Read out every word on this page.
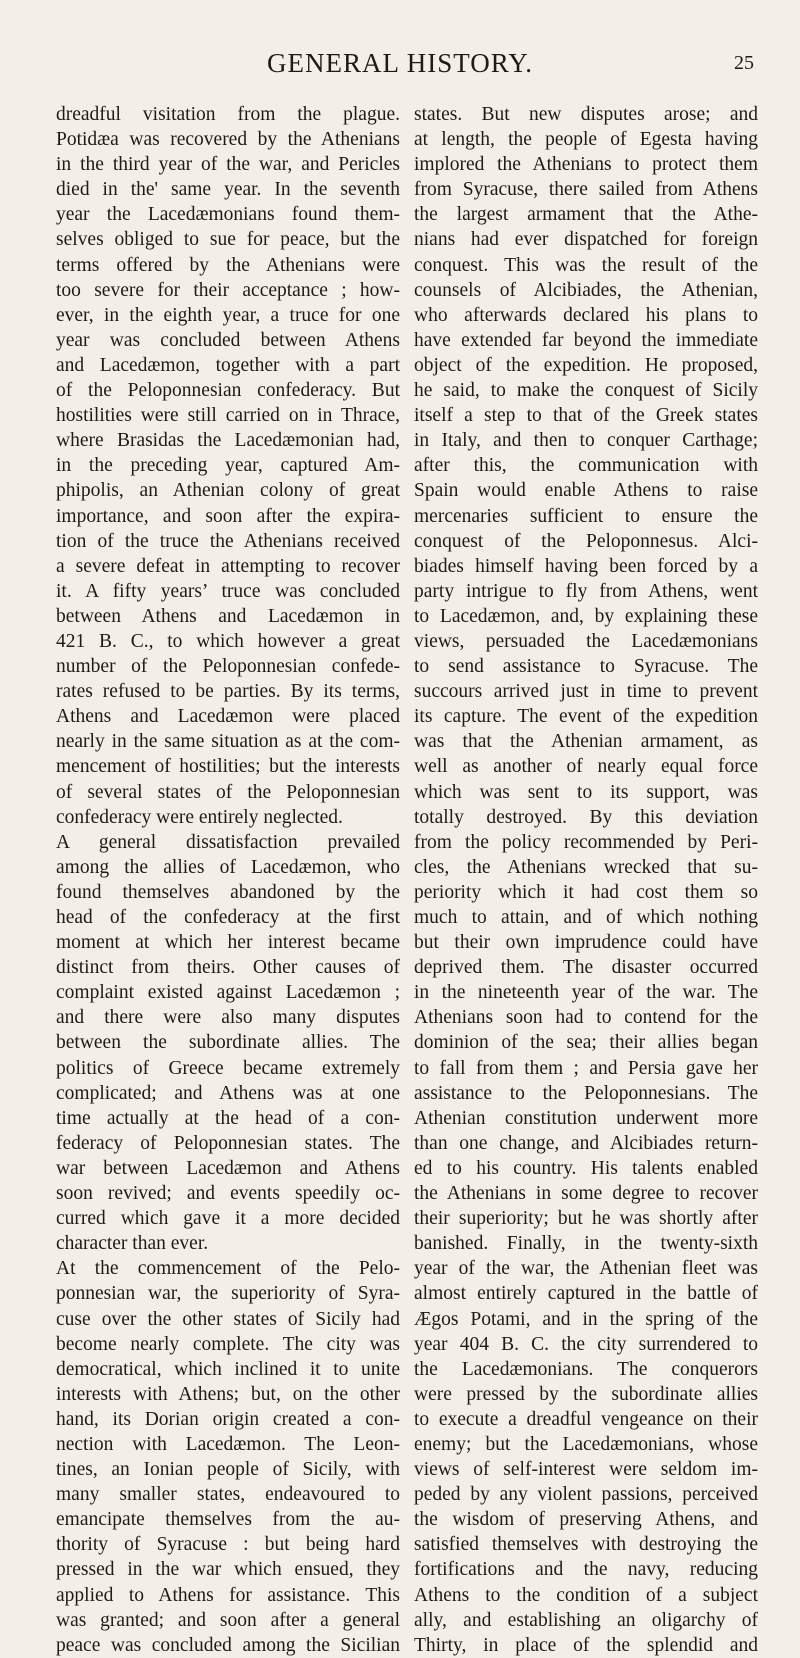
GENERAL HISTORY.	25
dreadful visitation from the plague.
Potidæa was recovered by the Athenians
in the third year of the war, and Pericles
died in the' same year. In the seventh
year the Lacedæmonians found them-
selves obliged to sue for peace, but the
terms offered by the Athenians were
too severe for their acceptance ; how-
ever, in the eighth year, a truce for one
year was concluded between Athens
and Lacedæmon, together with a part
of the Peloponnesian confederacy. But
hostilities were still carried on in Thrace,
where Brasidas the Lacedæmonian had,
in the preceding year, captured Am-
phipolis, an Athenian colony of great
importance, and soon after the expira-
tion of the truce the Athenians received
a severe defeat in attempting to recover
it. A fifty years’ truce was concluded
between Athens and Lacedæmon in
421 B. C., to which however a great
number of the Peloponnesian confede-
rates refused to be parties. By its terms,
Athens and Lacedæmon were placed
nearly in the same situation as at the com-
mencement of hostilities; but the interests
of several states of the Peloponnesian
confederacy were entirely neglected.
A general dissatisfaction prevailed
among the allies of Lacedæmon, who
found themselves abandoned by the
head of the confederacy at the first
moment at which her interest became
distinct from theirs. Other causes of
complaint existed against Lacedæmon ;
and there were also many disputes
between the subordinate allies. The
politics of Greece became extremely
complicated; and Athens was at one
time actually at the head of a con-
federacy of Peloponnesian states. The
war between Lacedæmon and Athens
soon revived; and events speedily oc-
curred which gave it a more decided
character than ever.
At the commencement of the Pelo-
ponnesian war, the superiority of Syra-
cuse over the other states of Sicily had
become nearly complete. The city was
democratical, which inclined it to unite
interests with Athens; but, on the other
hand, its Dorian origin created a con-
nection with Lacedæmon. The Leon-
tines, an Ionian people of Sicily, with
many smaller states, endeavoured to
emancipate themselves from the au-
thority of Syracuse : but being hard
pressed in the war which ensued, they
applied to Athens for assistance. This
was granted; and soon after a general
peace was concluded among the Sicilian
states. But new disputes arose; and
at length, the people of Egesta having
implored the Athenians to protect them
from Syracuse, there sailed from Athens
the largest armament that the Athe-
nians had ever dispatched for foreign
conquest. This was the result of the
counsels of Alcibiades, the Athenian,
who afterwards declared his plans to
have extended far beyond the immediate
object of the expedition. He proposed,
he said, to make the conquest of Sicily
itself a step to that of the Greek states
in Italy, and then to conquer Carthage;
after this, the communication with
Spain would enable Athens to raise
mercenaries sufficient to ensure the
conquest of the Peloponnesus. Alci-
biades himself having been forced by a
party intrigue to fly from Athens, went
to Lacedæmon, and, by explaining these
views, persuaded the Lacedæmonians
to send assistance to Syracuse. The
succours arrived just in time to prevent
its capture. The event of the expedition
was that the Athenian armament, as
well as another of nearly equal force
which was sent to its support, was
totally destroyed. By this deviation
from the policy recommended by Peri-
cles, the Athenians wrecked that su-
periority which it had cost them so
much to attain, and of which nothing
but their own imprudence could have
deprived them. The disaster occurred
in the nineteenth year of the war. The
Athenians soon had to contend for the
dominion of the sea; their allies began
to fall from them ; and Persia gave her
assistance to the Peloponnesians. The
Athenian constitution underwent more
than one change, and Alcibiades return-
ed to his country. His talents enabled
the Athenians in some degree to recover
their superiority; but he was shortly after
banished. Finally, in the twenty-sixth
year of the war, the Athenian fleet was
almost entirely captured in the battle of
Ægos Potami, and in the spring of the
year 404 B. C. the city surrendered to
the Lacedæmonians. The conquerors
were pressed by the subordinate allies
to execute a dreadful vengeance on their
enemy; but the Lacedæmonians, whose
views of self-interest were seldom im-
peded by any violent passions, perceived
the wisdom of preserving Athens, and
satisfied themselves with destroying the
fortifications and the navy, reducing
Athens to the condition of a subject
ally, and establishing an oligarchy of
Thirty, in place of the splendid and
